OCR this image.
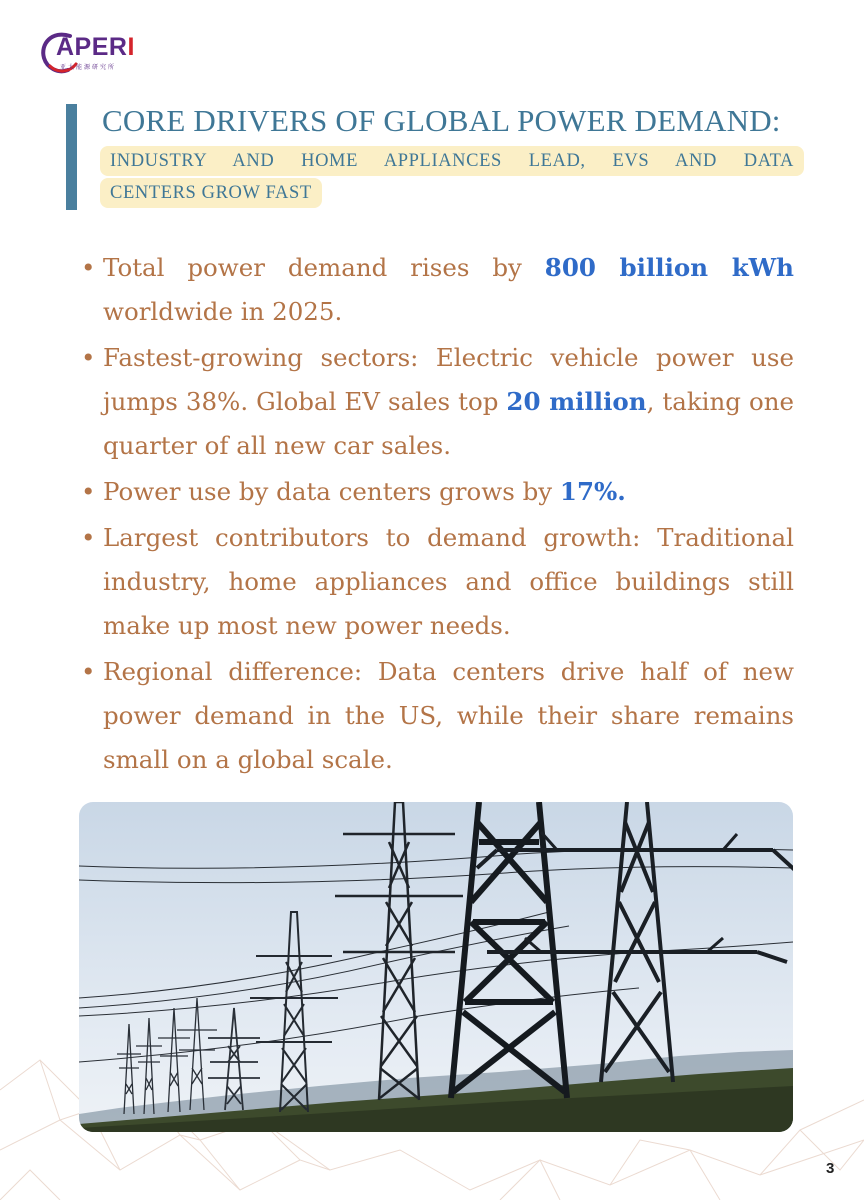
APERI
亚太能源研究所
CORE DRIVERS OF GLOBAL POWER DEMAND:
INDUSTRY AND HOME APPLIANCES LEAD, EVS AND DATA
CENTERS GROW FAST
• Total power demand rises by 800 billion kWh worldwide in 2025.
• Fastest-growing sectors: Electric vehicle power use jumps 38%. Global EV sales top 20 million, taking one quarter of all new car sales.
• Power use by data centers grows by 17%.
• Largest contributors to demand growth: Traditional industry, home appliances and office buildings still make up most new power needs.
• Regional difference: Data centers drive half of new power demand in the US, while their share remains small on a global scale.
3
